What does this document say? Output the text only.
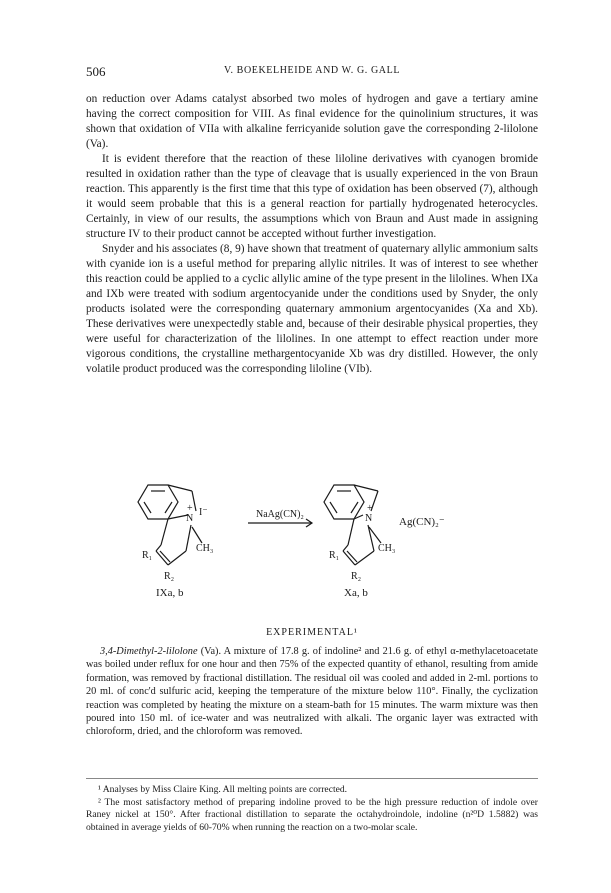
506	V. BOEKELHEIDE AND W. G. GALL

on reduction over Adams catalyst absorbed two moles of hydrogen and gave a tertiary amine having the correct composition for VIII. As final evidence for the quinolinium structures, it was shown that oxidation of VIIa with alkaline ferricyanide solution gave the corresponding 2-lilolone (Va).

It is evident therefore that the reaction of these liloline derivatives with cyanogen bromide resulted in oxidation rather than the type of cleavage that is usually experienced in the von Braun reaction. This apparently is the first time that this type of oxidation has been observed (7), although it would seem probable that this is a general reaction for partially hydrogenated heterocycles. Certainly, in view of our results, the assumptions which von Braun and Aust made in assigning structure IV to their product cannot be accepted without further investigation.

Snyder and his associates (8, 9) have shown that treatment of quaternary allylic ammonium salts with cyanide ion is a useful method for preparing allylic nitriles. It was of interest to see whether this reaction could be applied to a cyclic allylic amine of the type present in the lilolines. When IXa and IXb were treated with sodium argentocyanide under the conditions used by Snyder, the only products isolated were the corresponding quaternary ammonium argentocyanides (Xa and Xb). These derivatives were unexpectedly stable and, because of their desirable physical properties, they were useful for characterization of the lilolines. In one attempt to effect reaction under more vigorous conditions, the crystalline methargentocyanide Xb was dry distilled. However, the only volatile product produced was the corresponding liloline (VIb).

+
N
I⁻
CH₃
R₁
R₂
IXa, b
NaAg(CN)₂
+
N
CH₃
R₁
R₂
Xa, b
Ag(CN)₂⁻
EXPERIMENTAL¹

3,4-Dimethyl-2-lilolone (Va). A mixture of 17.8 g. of indoline² and 21.6 g. of ethyl α-methylacetoacetate was boiled under reflux for one hour and then 75% of the expected quantity of ethanol, resulting from amide formation, was removed by fractional distillation. The residual oil was cooled and added in 2-ml. portions to 20 ml. of conc'd sulfuric acid, keeping the temperature of the mixture below 110°. Finally, the cyclization reaction was completed by heating the mixture on a steam-bath for 15 minutes. The warm mixture was then poured into 150 ml. of ice-water and was neutralized with alkali. The organic layer was extracted with chloroform, dried, and the chloroform was removed.

¹ Analyses by Miss Claire King. All melting points are corrected.

² The most satisfactory method of preparing indoline proved to be the high pressure reduction of indole over Raney nickel at 150°. After fractional distillation to separate the octahydroindole, indoline (n²⁰D 1.5882) was obtained in average yields of 60-70% when running the reaction on a two-molar scale.
